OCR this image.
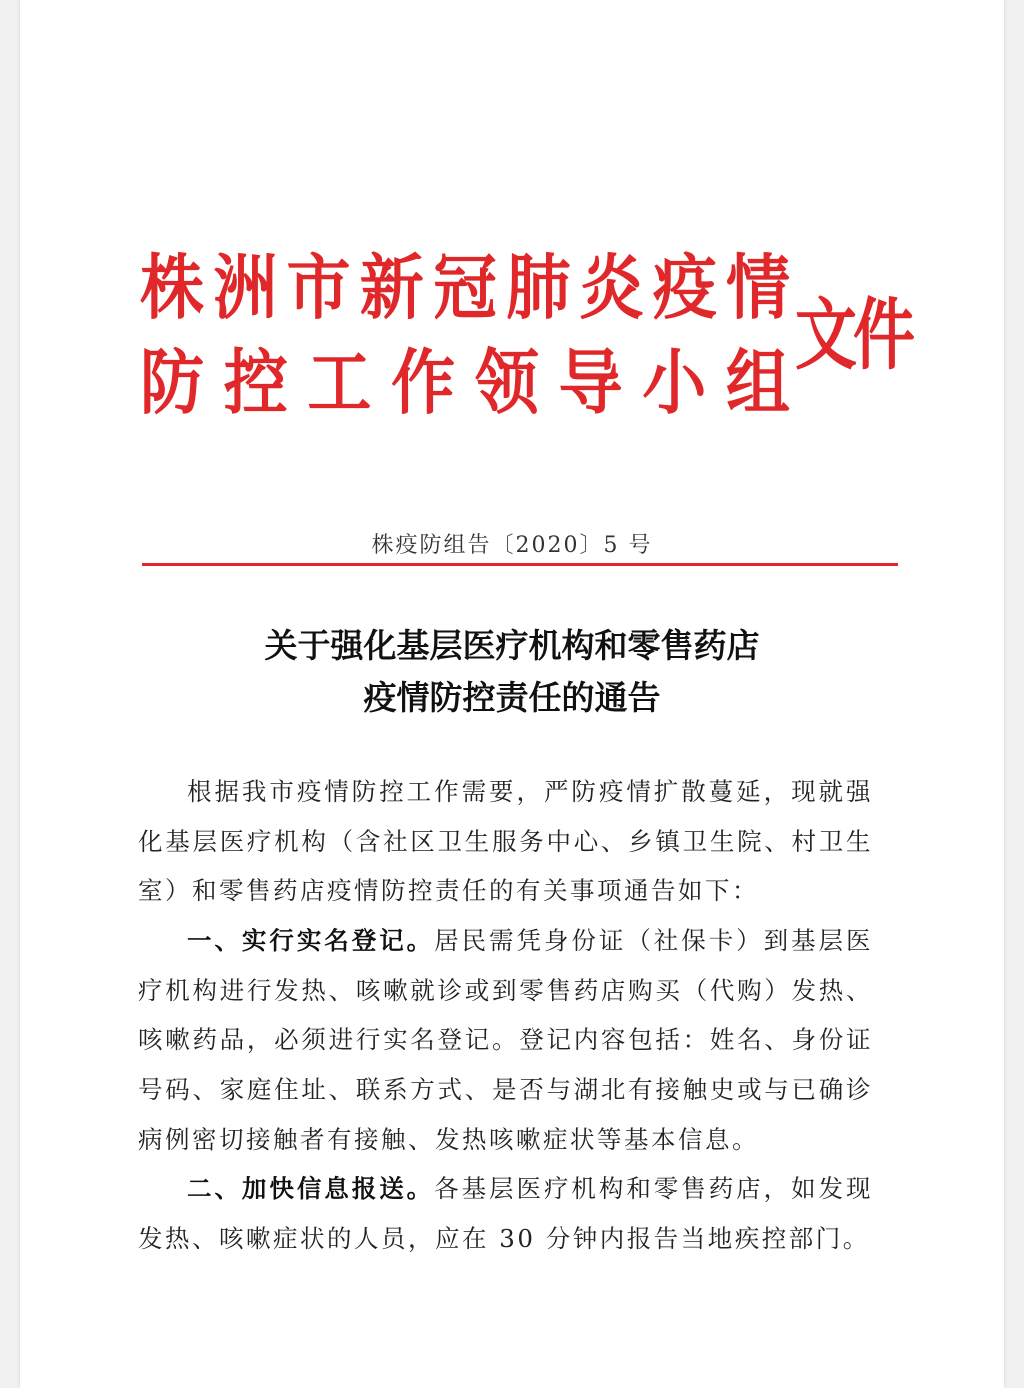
株 洲 市 新 冠 肺 炎 疫 情
防 控 工 作 领 导 小 组
文件
株疫防组告〔2020〕5 号
关于强化基层医疗机构和零售药店
疫情防控责任的通告

根据我市疫情防控工作需要，严防疫情扩散蔓延，现就强化基层医疗机构（含社区卫生服务中心、乡镇卫生院、村卫生室）和零售药店疫情防控责任的有关事项通告如下：

一、实行实名登记。居民需凭身份证（社保卡）到基层医疗机构进行发热、咳嗽就诊或到零售药店购买（代购）发热、咳嗽药品，必须进行实名登记。登记内容包括：姓名、身份证号码、家庭住址、联系方式、是否与湖北有接触史或与已确诊病例密切接触者有接触、发热咳嗽症状等基本信息。

二、加快信息报送。各基层医疗机构和零售药店，如发现发热、咳嗽症状的人员，应在 30 分钟内报告当地疾控部门。
